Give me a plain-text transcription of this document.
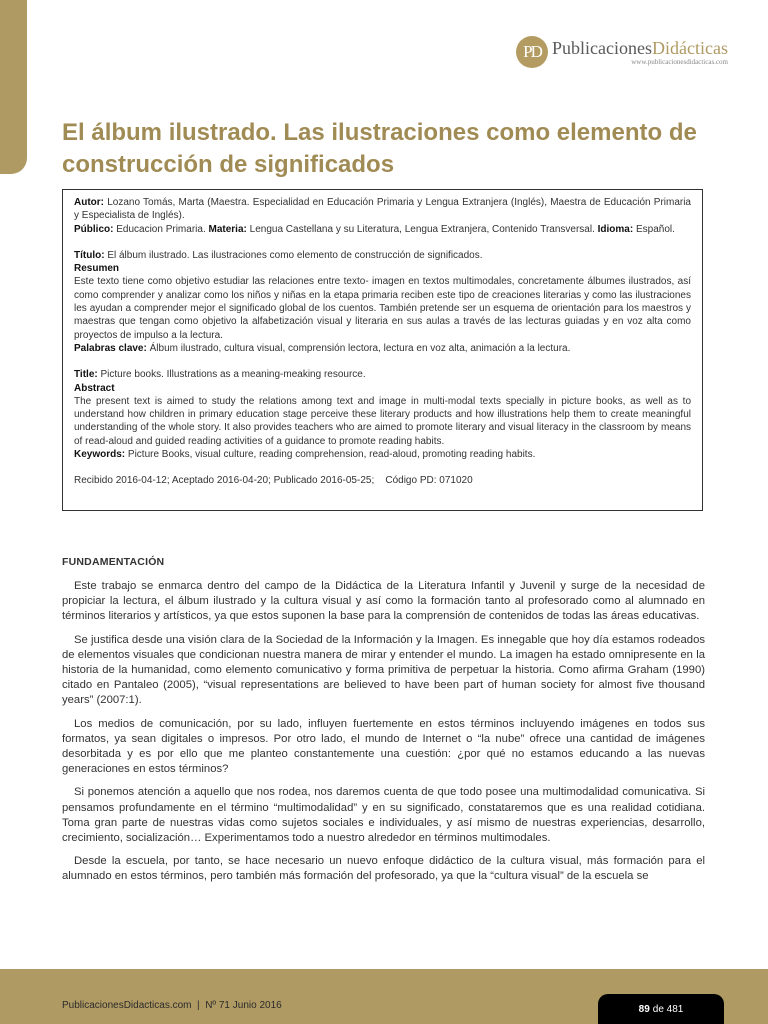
PD PublicacionesDidácticas
www.publicacionesdidacticas.com
El álbum ilustrado. Las ilustraciones como elemento de construcción de significados

Autor: Lozano Tomás, Marta (Maestra. Especialidad en Educación Primaria y Lengua Extranjera (Inglés), Maestra de Educación Primaria y Especialista de Inglés).

Público: Educacion Primaria. Materia: Lengua Castellana y su Literatura, Lengua Extranjera, Contenido Transversal. Idioma: Español.

Título: El álbum ilustrado. Las ilustraciones como elemento de construcción de significados.

Resumen

Este texto tiene como objetivo estudiar las relaciones entre texto- imagen en textos multimodales, concretamente álbumes ilustrados, así como comprender y analizar como los niños y niñas en la etapa primaria reciben este tipo de creaciones literarias y como las ilustraciones les ayudan a comprender mejor el significado global de los cuentos. También pretende ser un esquema de orientación para los maestros y maestras que tengan como objetivo la alfabetización visual y literaria en sus aulas a través de las lecturas guiadas y en voz alta como proyectos de impulso a la lectura.

Palabras clave: Álbum ilustrado, cultura visual, comprensión lectora, lectura en voz alta, animación a la lectura.

Title: Picture books. Illustrations as a meaning-meaking resource.

Abstract

The present text is aimed to study the relations among text and image in multi-modal texts specially in picture books, as well as to understand how children in primary education stage perceive these literary products and how illustrations help them to create meaningful understanding of the whole story. It also provides teachers who are aimed to promote literary and visual literacy in the classroom by means of read-aloud and guided reading activities of a guidance to promote reading habits.

Keywords: Picture Books, visual culture, reading comprehension, read-aloud, promoting reading habits.

Recibido 2016-04-12; Aceptado 2016-04-20; Publicado 2016-05-25; Código PD: 071020

FUNDAMENTACIÓN

Este trabajo se enmarca dentro del campo de la Didáctica de la Literatura Infantil y Juvenil y surge de la necesidad de propiciar la lectura, el álbum ilustrado y la cultura visual y así como la formación tanto al profesorado como al alumnado en términos literarios y artísticos, ya que estos suponen la base para la comprensión de contenidos de todas las áreas educativas.

Se justifica desde una visión clara de la Sociedad de la Información y la Imagen. Es innegable que hoy día estamos rodeados de elementos visuales que condicionan nuestra manera de mirar y entender el mundo. La imagen ha estado omnipresente en la historia de la humanidad, como elemento comunicativo y forma primitiva de perpetuar la historia. Como afirma Graham (1990) citado en Pantaleo (2005), “visual representations are believed to have been part of human society for almost five thousand years” (2007:1).

Los medios de comunicación, por su lado, influyen fuertemente en estos términos incluyendo imágenes en todos sus formatos, ya sean digitales o impresos. Por otro lado, el mundo de Internet o “la nube” ofrece una cantidad de imágenes desorbitada y es por ello que me planteo constantemente una cuestión: ¿por qué no estamos educando a las nuevas generaciones en estos términos?

Si ponemos atención a aquello que nos rodea, nos daremos cuenta de que todo posee una multimodalidad comunicativa. Si pensamos profundamente en el término “multimodalidad” y en su significado, constataremos que es una realidad cotidiana. Toma gran parte de nuestras vidas como sujetos sociales e individuales, y así mismo de nuestras experiencias, desarrollo, crecimiento, socialización… Experimentamos todo a nuestro alrededor en términos multimodales.

Desde la escuela, por tanto, se hace necesario un nuevo enfoque didáctico de la cultura visual, más formación para el alumnado en estos términos, pero también más formación del profesorado, ya que la “cultura visual” de la escuela se

PublicacionesDidacticas.com  |  Nº 71 Junio 2016	89 de 481
